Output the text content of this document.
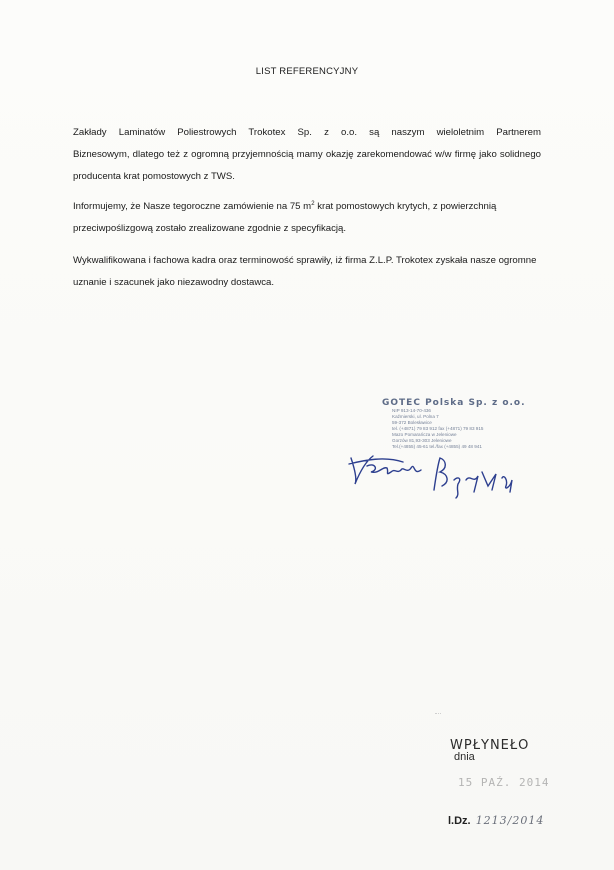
LIST REFERENCYJNY
Zakłady Laminatów Poliestrowych Trokotex Sp. z o.o. są naszym wieloletnim Partnerem
Biznesowym, dlatego też z ogromną przyjemnością mamy okazję zarekomendować w/w firmę jako solidnego producenta krat pomostowych z TWS.
Informujemy, że Nasze tegoroczne zamówienie na 75 $m^2$ krat pomostowych krytych, z powierzchnią przeciwpoślizgową zostało zrealizowane zgodnie z specyfikacją.
Wykwalifikowana i fachowa kadra oraz terminowość sprawiły, iż firma Z.L.P. Trokotex zyskała nasze ogromne uznanie i szacunek jako niezawodny dostawca.
GOTEC Polska Sp. z o.o.
NIP 913-14-70-436
Kaźmierski, ul. Polna 7
59-372 Bolesławice
tel. (+4871) 79 83 912 fax (+4871) 79 83 915
Mazo Pomarańcza w Jeleniowe
Gorzów 81,93-303 Jeleniowe
Tel.(+4855) 45-61 tel./fax (+4855) 49 48 941
WPŁYNEŁO
dnia
15 PAŹ. 2014
l.Dz. 1213/2014
